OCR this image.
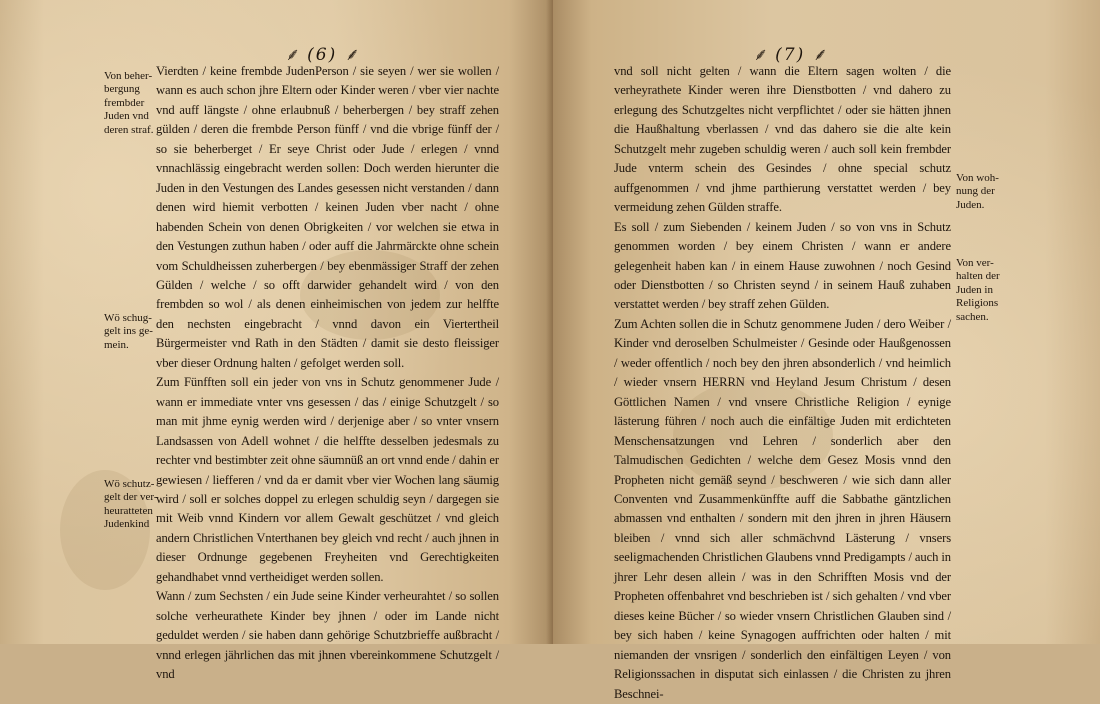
⸙ (6) ⸙
Von beher-
bergung
frembder
Juden vnd
deren straf.
Wö schug-
gelt ins ge-
mein.
Wö schutz-
gelt der ver-
heuratteten
Judenkind

Vierdten / keine frembde JudenPerson / sie seyen / wer sie wollen / wann es auch schon jhre Eltern oder Kinder weren / vber vier nachte vnd auff längste / ohne erlaubnuß / beherbergen / bey straff zehen gülden / deren die frembde Person fünff / vnd die vbrige fünff der / so sie beherberget / Er seye Christ oder Jude / erlegen / vnnd vnnachlässig eingebracht werden sollen: Doch werden hierunter die Juden in den Vestungen des Landes gesessen nicht verstanden / dann denen wird hiemit verbotten / keinen Juden vber nacht / ohne habenden Schein von denen Obrigkeiten / vor welchen sie etwa in den Vestungen zuthun haben / oder auff die Jahrmärckte ohne schein vom Schuldheissen zuherbergen / bey ebenmässiger Straff der zehen Gülden / welche / so offt darwider gehandelt wird / von den frembden so wol / als denen einheimischen von jedem zur helffte den nechsten eingebracht / vnnd davon ein Viertertheil Bürgermeister vnd Rath in den Städten / damit sie desto fleissiger vber dieser Ordnung halten / gefolget werden soll.

Zum Fünfften soll ein jeder von vns in Schutz genommener Jude / wann er immediate vnter vns gesessen / das / einige Schutzgelt / so man mit jhme eynig werden wird / derjenige aber / so vnter vnsern Landsassen von Adell wohnet / die helffte desselben jedesmals zu rechter vnd bestimbter zeit ohne säumnüß an ort vnnd ende / dahin er gewiesen / liefferen / vnd da er damit vber vier Wochen lang säumig wird / soll er solches doppel zu erlegen schuldig seyn / dargegen sie mit Weib vnnd Kindern vor allem Gewalt geschützet / vnd gleich andern Christlichen Vnterthanen bey gleich vnd recht / auch jhnen in dieser Ordnunge gegebenen Freyheiten vnd Gerechtigkeiten gehandhabet vnnd vertheidiget werden sollen.

Wann / zum Sechsten / ein Jude seine Kinder verheurahtet / so sollen solche verheurathete Kinder bey jhnen / oder im Lande nicht geduldet werden / sie haben dann gehörige Schutzbrieffe außbracht / vnnd erlegen jährlichen das mit jhnen vbereinkommene Schutzgelt / vnd

⸙ (7) ⸙

vnd soll nicht gelten / wann die Eltern sagen wolten / die verheyrathete Kinder weren ihre Dienstbotten / vnd dahero zu erlegung des Schutzgeltes nicht verpflichtet / oder sie hätten jhnen die Haußhaltung vberlassen / vnd das dahero sie die alte kein Schutzgelt mehr zugeben schuldig weren / auch soll kein frembder Jude vnterm schein des Gesindes / ohne special schutz auffgenommen / vnd jhme parthierung verstattet werden / bey vermeidung zehen Gülden straffe.

Es soll / zum Siebenden / keinem Juden / so von vns in Schutz genommen worden / bey einem Christen / wann er andere gelegenheit haben kan / in einem Hause zuwohnen / noch Gesind oder Dienstbotten / so Christen seynd / in seinem Hauß zuhaben verstattet werden / bey straff zehen Gülden.

Zum Achten sollen die in Schutz genommene Juden / dero Weiber / Kinder vnd deroselben Schulmeister / Gesinde oder Haußgenossen / weder offentlich / noch bey den jhren absonderlich / vnd heimlich / wieder vnsern HERRN vnd Heyland Jesum Christum / desen Göttlichen Namen / vnd vnsere Christliche Religion / eynige lästerung führen / noch auch die einfältige Juden mit erdichteten Menschensatzungen vnd Lehren / sonderlich aber den Talmudischen Gedichten / welche dem Gesez Mosis vnnd den Propheten nicht gemäß seynd / beschweren / wie sich dann aller Conventen vnd Zusammenkünffte auff die Sabbathe gäntzlichen abmassen vnd enthalten / sondern mit den jhren in jhren Häusern bleiben / vnnd sich aller schmächvnd Lästerung / vnsers seeligmachenden Christlichen Glaubens vnnd Predigampts / auch in jhrer Lehr desen allein / was in den Schrifften Mosis vnd der Propheten offenbahret vnd beschrieben ist / sich gehalten / vnd vber dieses keine Bücher / so wieder vnsern Christlichen Glauben sind / bey sich haben / keine Synagogen auffrichten oder halten / mit niemanden der vnsrigen / sonderlich den einfältigen Leyen / von Religionssachen in disputat sich einlassen / die Christen zu jhren Beschnei-

Von woh-
nung der
Juden.
Von ver-
halten der
Juden in
Religions
sachen.
